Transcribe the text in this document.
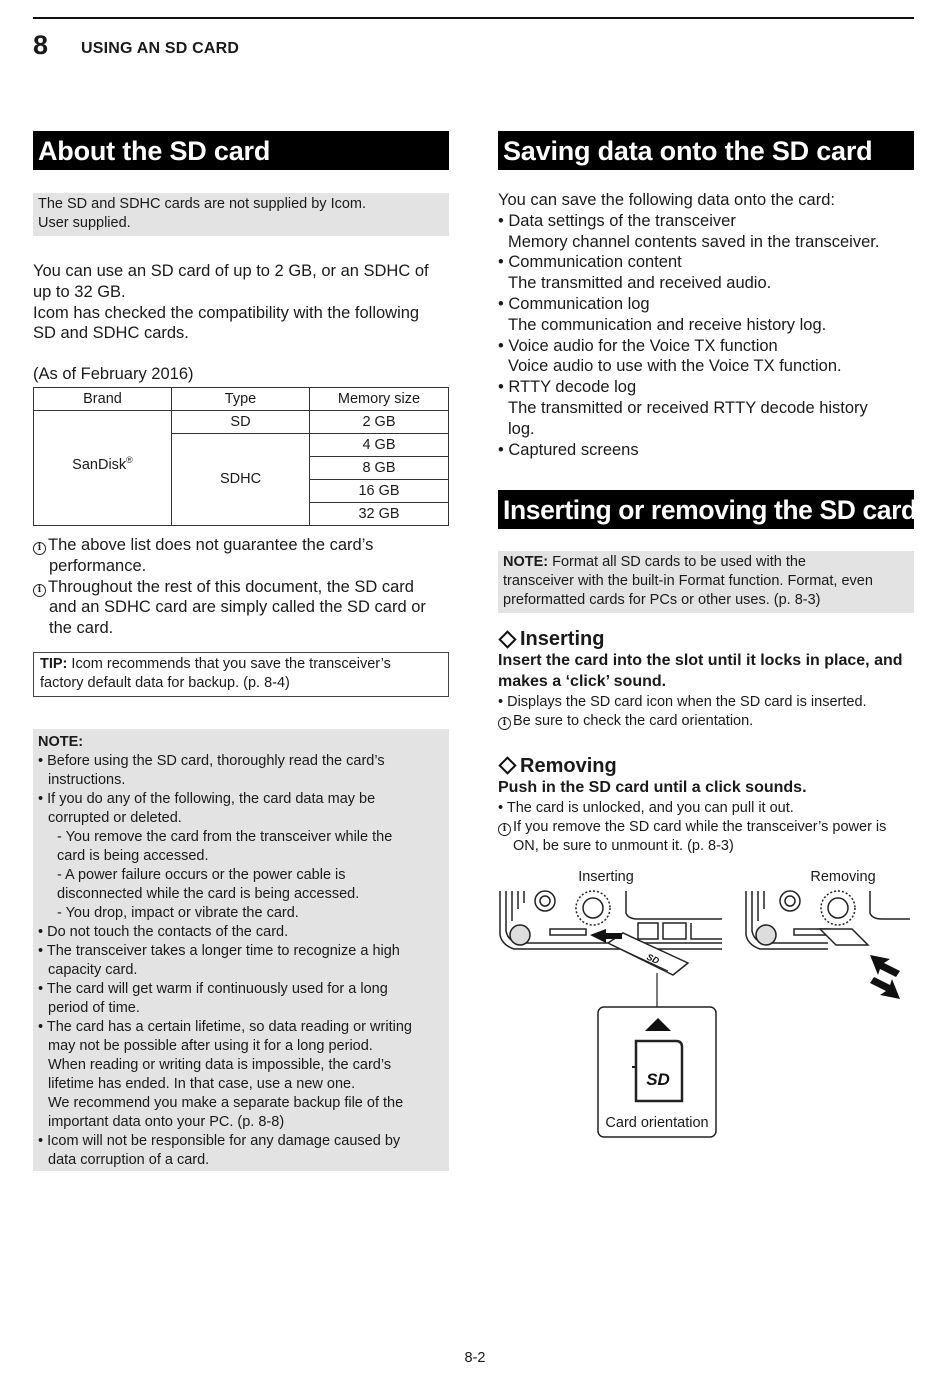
8 USING AN SD CARD
About the SD card
The SD and SDHC cards are not supplied by Icom.
User supplied.
You can use an SD card of up to 2 GB, or an SDHC of
up to 32 GB.
Icom has checked the compatibility with the following
SD and SDHC cards.
(As of February 2016)
Brand	Type	Memory size
SanDisk®	SD	2 GB
	SDHC	4 GB
		8 GB
		16 GB
		32 GB
i The above list does not guarantee the card’s
performance.
i Throughout the rest of this document, the SD card
and an SDHC card are simply called the SD card or
the card.
TIP: Icom recommends that you save the transceiver’s
factory default data for backup. (p. 8-4)
NOTE:
• Before using the SD card, thoroughly read the card’s
instructions.
• If you do any of the following, the card data may be
corrupted or deleted.
- You remove the card from the transceiver while the
card is being accessed.
- A power failure occurs or the power cable is
disconnected while the card is being accessed.
- You drop, impact or vibrate the card.
• Do not touch the contacts of the card.
• The transceiver takes a longer time to recognize a high
capacity card.
• The card will get warm if continuously used for a long
period of time.
• The card has a certain lifetime, so data reading or writing
may not be possible after using it for a long period.
When reading or writing data is impossible, the card’s
lifetime has ended. In that case, use a new one.
We recommend you make a separate backup file of the
important data onto your PC. (p. 8-8)
• Icom will not be responsible for any damage caused by
data corruption of a card.
Saving data onto the SD card
You can save the following data onto the card:
• Data settings of the transceiver
Memory channel contents saved in the transceiver.
• Communication content
The transmitted and received audio.
• Communication log
The communication and receive history log.
• Voice audio for the Voice TX function
Voice audio to use with the Voice TX function.
• RTTY decode log
The transmitted or received RTTY decode history
log.
• Captured screens
Inserting or removing the SD card
NOTE: Format all SD cards to be used with the
transceiver with the built-in Format function. Format, even
preformatted cards for PCs or other uses. (p. 8-3)
Inserting
Insert the card into the slot until it locks in place, and
makes a ‘click’ sound.
• Displays the SD card icon when the SD card is inserted.
i Be sure to check the card orientation.
Removing
Push in the SD card until a click sounds.
• The card is unlocked, and you can pull it out.
i If you remove the SD card while the transceiver’s power is
ON, be sure to unmount it. (p. 8-3)
Inserting	Removing
SD
SD
Card orientation
8-2
